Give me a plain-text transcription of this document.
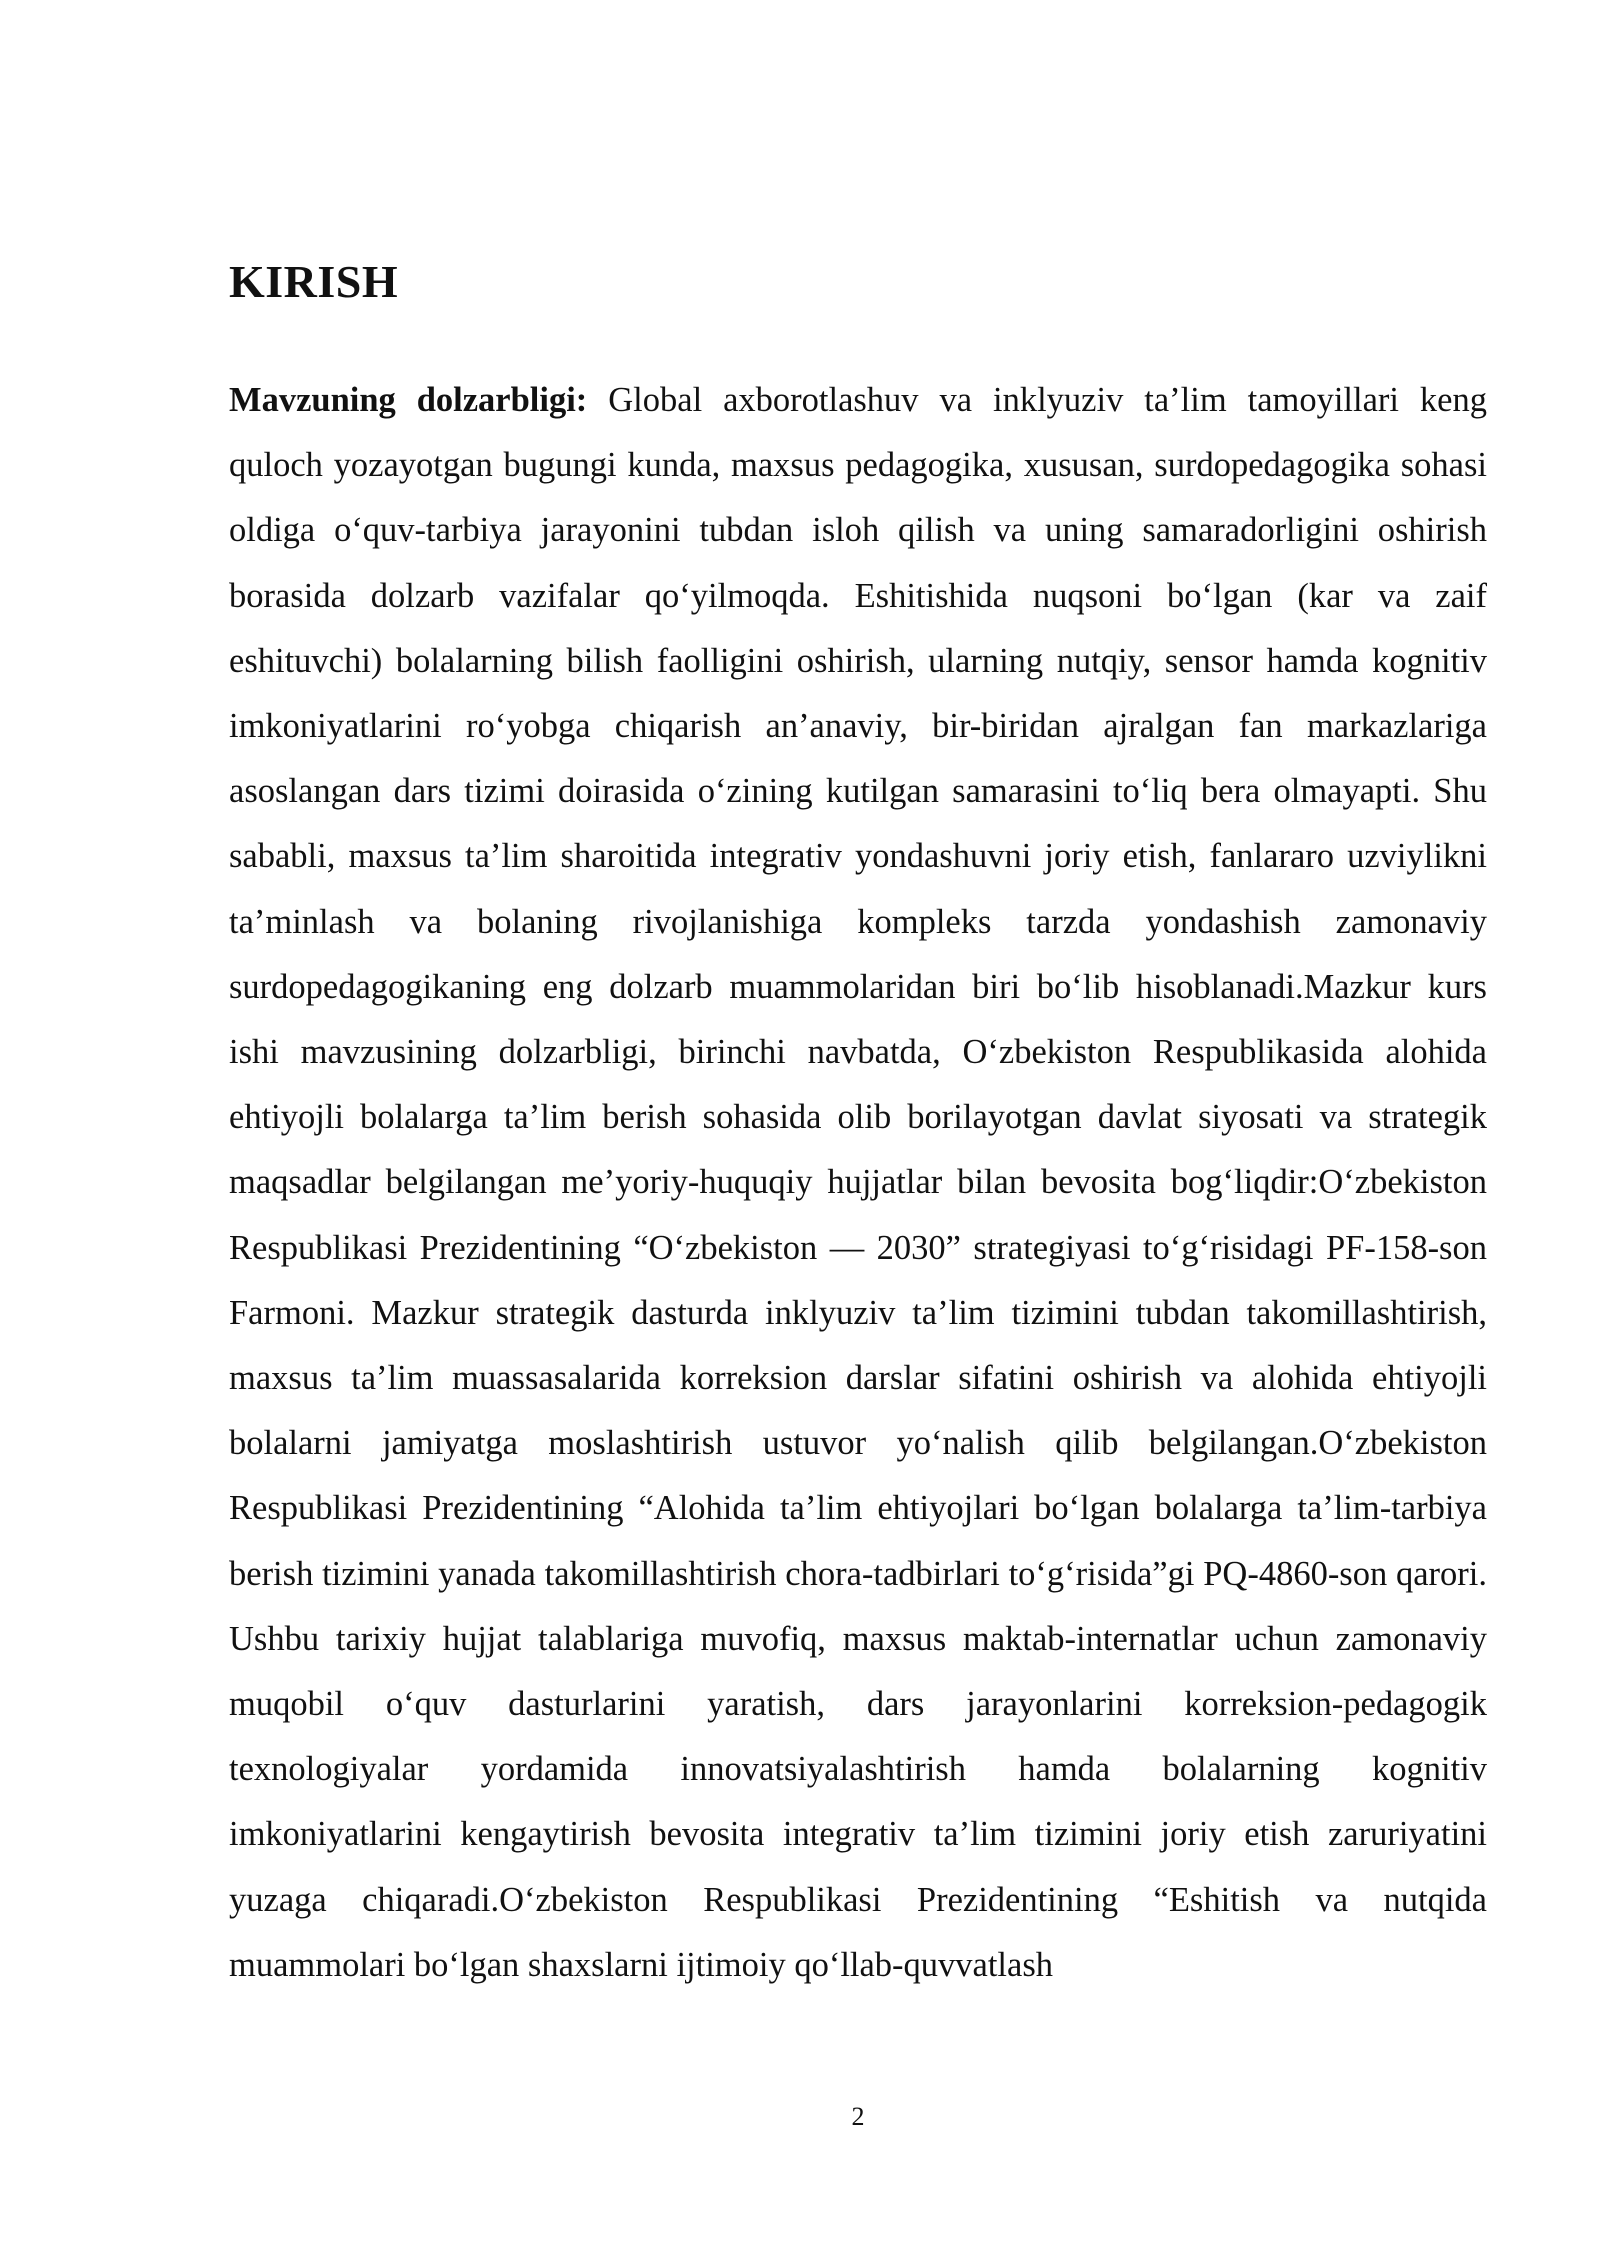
KIRISH

Mavzuning dolzarbligi: Global axborotlashuv va inklyuziv ta’lim tamoyillari keng quloch yozayotgan bugungi kunda, maxsus pedagogika, xususan, surdopedagogika sohasi oldiga o‘quv-tarbiya jarayonini tubdan isloh qilish va uning samaradorligini oshirish borasida dolzarb vazifalar qo‘yilmoqda. Eshitishida nuqsoni bo‘lgan (kar va zaif eshituvchi) bolalarning bilish faolligini oshirish, ularning nutqiy, sensor hamda kognitiv imkoniyatlarini ro‘yobga chiqarish an’anaviy, bir-biridan ajralgan fan markazlariga asoslangan dars tizimi doirasida o‘zining kutilgan samarasini to‘liq bera olmayapti. Shu sababli, maxsus ta’lim sharoitida integrativ yondashuvni joriy etish, fanlararo uzviylikni ta’minlash va bolaning rivojlanishiga kompleks tarzda yondashish zamonaviy surdopedagogikaning eng dolzarb muammolaridan biri bo‘lib hisoblanadi.Mazkur kurs ishi mavzusining dolzarbligi, birinchi navbatda, O‘zbekiston Respublikasida alohida ehtiyojli bolalarga ta’lim berish sohasida olib borilayotgan davlat siyosati va strategik maqsadlar belgilangan me’yoriy-huquqiy hujjatlar bilan bevosita bog‘liqdir:O‘zbekiston Respublikasi Prezidentining “O‘zbekiston — 2030” strategiyasi to‘g‘risidagi PF-158-son Farmoni. Mazkur strategik dasturda inklyuziv ta’lim tizimini tubdan takomillashtirish, maxsus ta’lim muassasalarida korreksion darslar sifatini oshirish va alohida ehtiyojli bolalarni jamiyatga moslashtirish ustuvor yo‘nalish qilib belgilangan.O‘zbekiston Respublikasi Prezidentining “Alohida ta’lim ehtiyojlari bo‘lgan bolalarga ta’lim-tarbiya berish tizimini yanada takomillashtirish chora-tadbirlari to‘g‘risida”gi PQ-4860-son qarori. Ushbu tarixiy hujjat talablariga muvofiq, maxsus maktab-internatlar uchun zamonaviy muqobil o‘quv dasturlarini yaratish, dars jarayonlarini korreksion-pedagogik texnologiyalar yordamida innovatsiyalashtirish hamda bolalarning kognitiv imkoniyatlarini kengaytirish bevosita integrativ ta’lim tizimini joriy etish zaruriyatini yuzaga chiqaradi.O‘zbekiston Respublikasi Prezidentining “Eshitish va nutqida muammolari bo‘lgan shaxslarni ijtimoiy qo‘llab-quvvatlash

2
